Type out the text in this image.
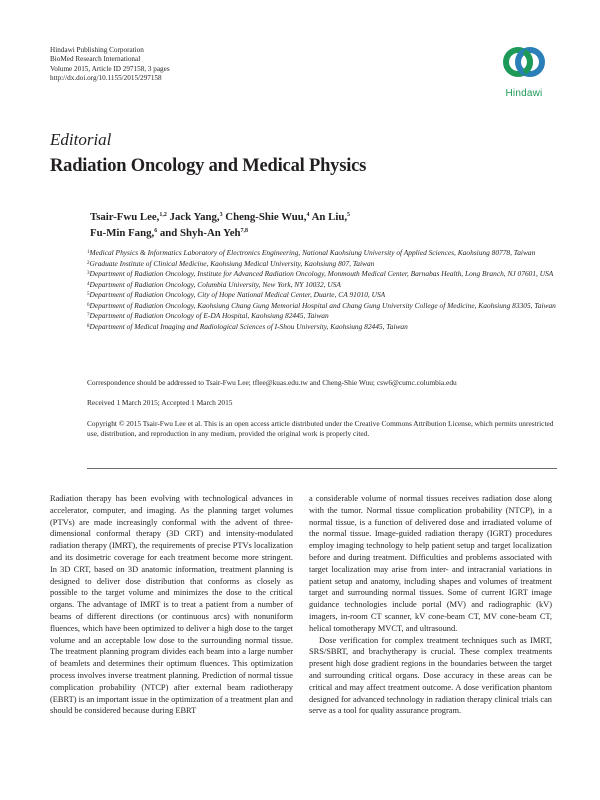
Hindawi Publishing Corporation
BioMed Research International
Volume 2015, Article ID 297158, 3 pages
http://dx.doi.org/10.1155/2015/297158
Hindawi
Editorial
Radiation Oncology and Medical Physics
Tsair-Fwu Lee,$^{1,2}$ Jack Yang,$^3$ Cheng-Shie Wuu,$^4$ An Liu,$^5$
Fu-Min Fang,$^6$ and Shyh-An Yeh$^{7,8}$
$^1$Medical Physics & Informatics Laboratory of Electronics Engineering, National Kaohsiung University of Applied Sciences, Kaohsiung 80778, Taiwan
$^2$Graduate Institute of Clinical Medicine, Kaohsiung Medical University, Kaohsiung 807, Taiwan
$^3$Department of Radiation Oncology, Institute for Advanced Radiation Oncology, Monmouth Medical Center, Barnabas Health, Long Branch, NJ 07601, USA
$^4$Department of Radiation Oncology, Columbia University, New York, NY 10032, USA
$^5$Department of Radiation Oncology, City of Hope National Medical Center, Duarte, CA 91010, USA
$^6$Department of Radiation Oncology, Kaohsiung Chang Gung Memorial Hospital and Chang Gung University College of Medicine, Kaohsiung 83305, Taiwan
$^7$Department of Radiation Oncology of E-DA Hospital, Kaohsiung 82445, Taiwan
$^8$Department of Medical Imaging and Radiological Sciences of I-Shou University, Kaohsiung 82445, Taiwan
Correspondence should be addressed to Tsair-Fwu Lee; tflee@kuas.edu.tw and Cheng-Shie Wuu; csw6@cumc.columbia.edu
Received 1 March 2015; Accepted 1 March 2015
Copyright © 2015 Tsair-Fwu Lee et al. This is an open access article distributed under the Creative Commons Attribution License, which permits unrestricted use, distribution, and reproduction in any medium, provided the original work is properly cited.

Radiation therapy has been evolving with technological advances in accelerator, computer, and imaging. As the planning target volumes (PTVs) are made increasingly conformal with the advent of three-dimensional conformal therapy (3D CRT) and intensity-modulated radiation therapy (IMRT), the requirements of precise PTVs localization and its dosimetric coverage for each treatment become more stringent. In 3D CRT, based on 3D anatomic information, treatment planning is designed to deliver dose distribution that conforms as closely as possible to the target volume and minimizes the dose to the critical organs. The advantage of IMRT is to treat a patient from a number of beams of different directions (or continuous arcs) with nonuniform fluences, which have been optimized to deliver a high dose to the target volume and an acceptable low dose to the surrounding normal tissue. The treatment planning program divides each beam into a large number of beamlets and determines their optimum fluences. This optimization process involves inverse treatment planning. Prediction of normal tissue complication probability (NTCP) after external beam radiotherapy (EBRT) is an important issue in the optimization of a treatment plan and should be considered because during EBRT

a considerable volume of normal tissues receives radiation dose along with the tumor. Normal tissue complication probability (NTCP), in a normal tissue, is a function of delivered dose and irradiated volume of the normal tissue. Image-guided radiation therapy (IGRT) procedures employ imaging technology to help patient setup and target localization before and during treatment. Difficulties and problems associated with target localization may arise from inter- and intracranial variations in patient setup and anatomy, including shapes and volumes of treatment target and surrounding normal tissues. Some of current IGRT image guidance technologies include portal (MV) and radiographic (kV) imagers, in-room CT scanner, kV cone-beam CT, MV cone-beam CT, helical tomotherapy MVCT, and ultrasound.

Dose verification for complex treatment techniques such as IMRT, SRS/SBRT, and brachytherapy is crucial. These complex treatments present high dose gradient regions in the boundaries between the target and surrounding critical organs. Dose accuracy in these areas can be critical and may affect treatment outcome. A dose verification phantom designed for advanced technology in radiation therapy clinical trials can serve as a tool for quality assurance program.
